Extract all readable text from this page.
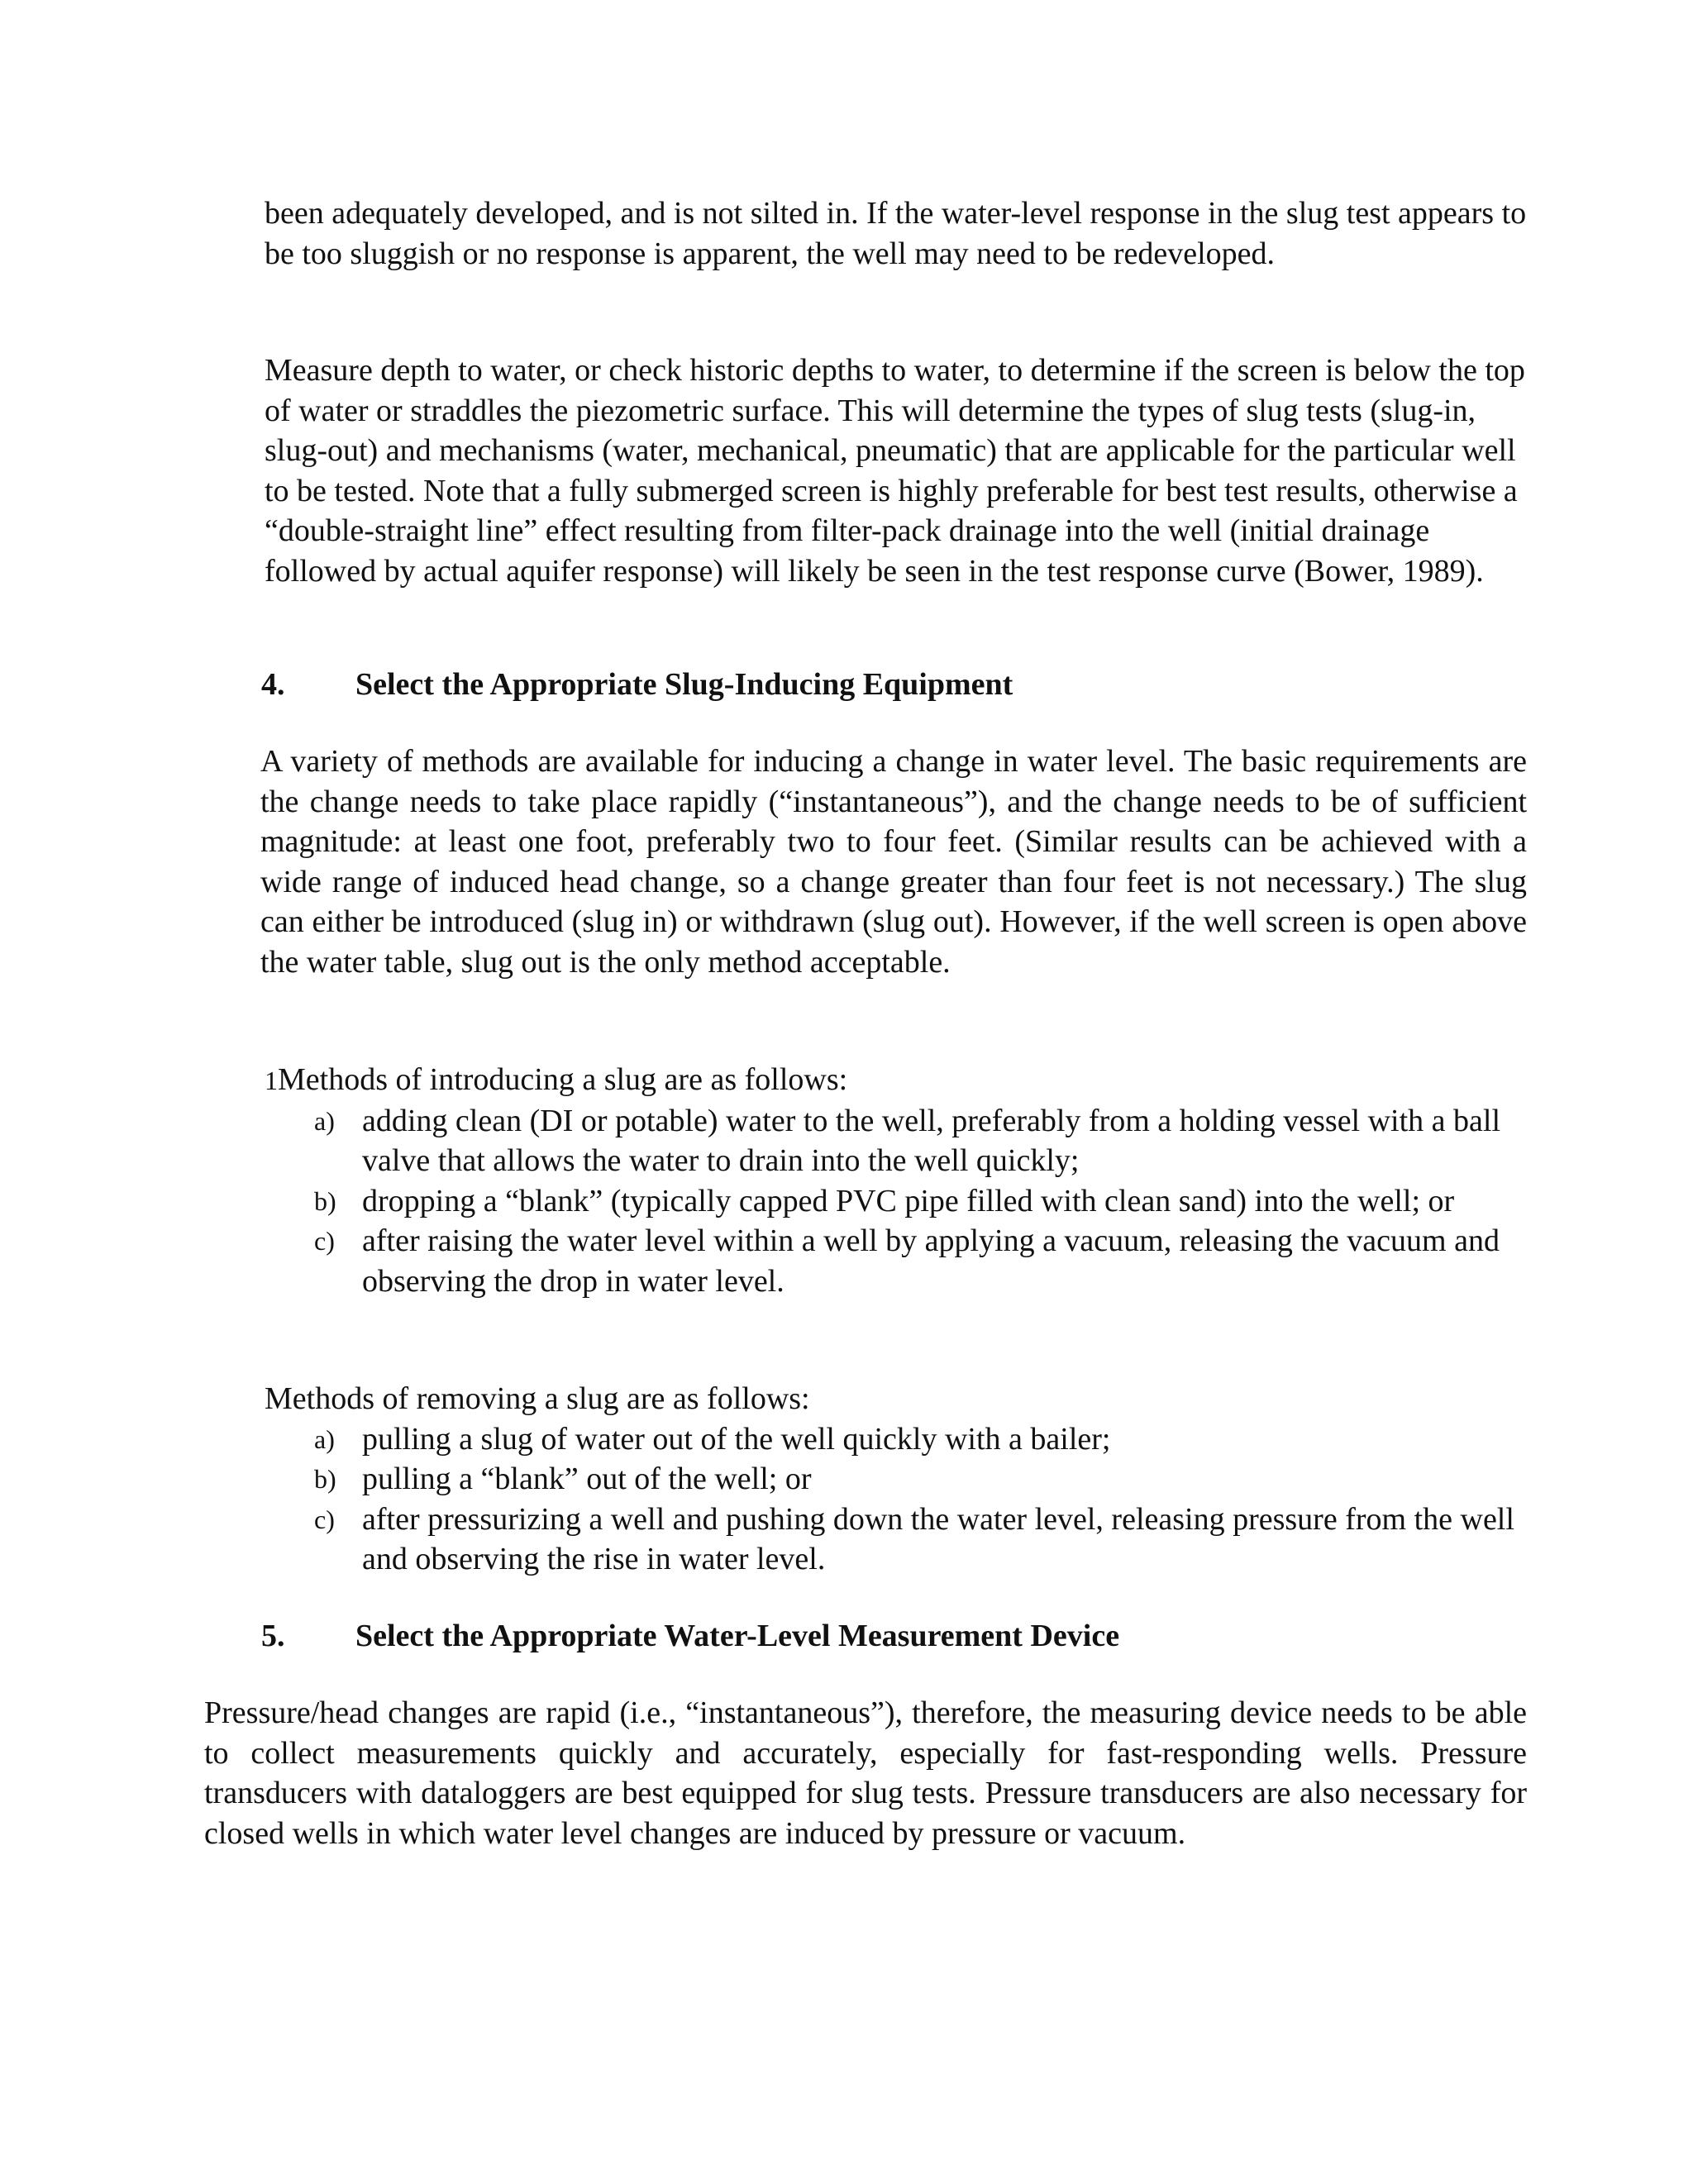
been adequately developed, and is not silted in. If the water-level response in the slug test appears to be too sluggish or no response is apparent, the well may need to be redeveloped.
Measure depth to water, or check historic depths to water, to determine if the screen is below the top of water or straddles the piezometric surface. This will determine the types of slug tests (slug-in, slug-out) and mechanisms (water, mechanical, pneumatic) that are applicable for the particular well to be tested. Note that a fully submerged screen is highly preferable for best test results, otherwise a “double-straight line” effect resulting from filter-pack drainage into the well (initial drainage followed by actual aquifer response) will likely be seen in the test response curve (Bower, 1989).
4. Select the Appropriate Slug-Inducing Equipment
A variety of methods are available for inducing a change in water level. The basic requirements are the change needs to take place rapidly (“instantaneous”), and the change needs to be of sufficient magnitude: at least one foot, preferably two to four feet. (Similar results can be achieved with a wide range of induced head change, so a change greater than four feet is not necessary.) The slug can either be introduced (slug in) or withdrawn (slug out). However, if the well screen is open above the water table, slug out is the only method acceptable.
1Methods of introducing a slug are as follows:
a) adding clean (DI or potable) water to the well, preferably from a holding vessel with a ball valve that allows the water to drain into the well quickly;
b) dropping a “blank” (typically capped PVC pipe filled with clean sand) into the well; or
c) after raising the water level within a well by applying a vacuum, releasing the vacuum and observing the drop in water level.
Methods of removing a slug are as follows:
a) pulling a slug of water out of the well quickly with a bailer;
b) pulling a “blank” out of the well; or
c) after pressurizing a well and pushing down the water level, releasing pressure from the well and observing the rise in water level.
5. Select the Appropriate Water-Level Measurement Device
Pressure/head changes are rapid (i.e., “instantaneous”), therefore, the measuring device needs to be able to collect measurements quickly and accurately, especially for fast-responding wells. Pressure transducers with dataloggers are best equipped for slug tests. Pressure transducers are also necessary for closed wells in which water level changes are induced by pressure or vacuum.
